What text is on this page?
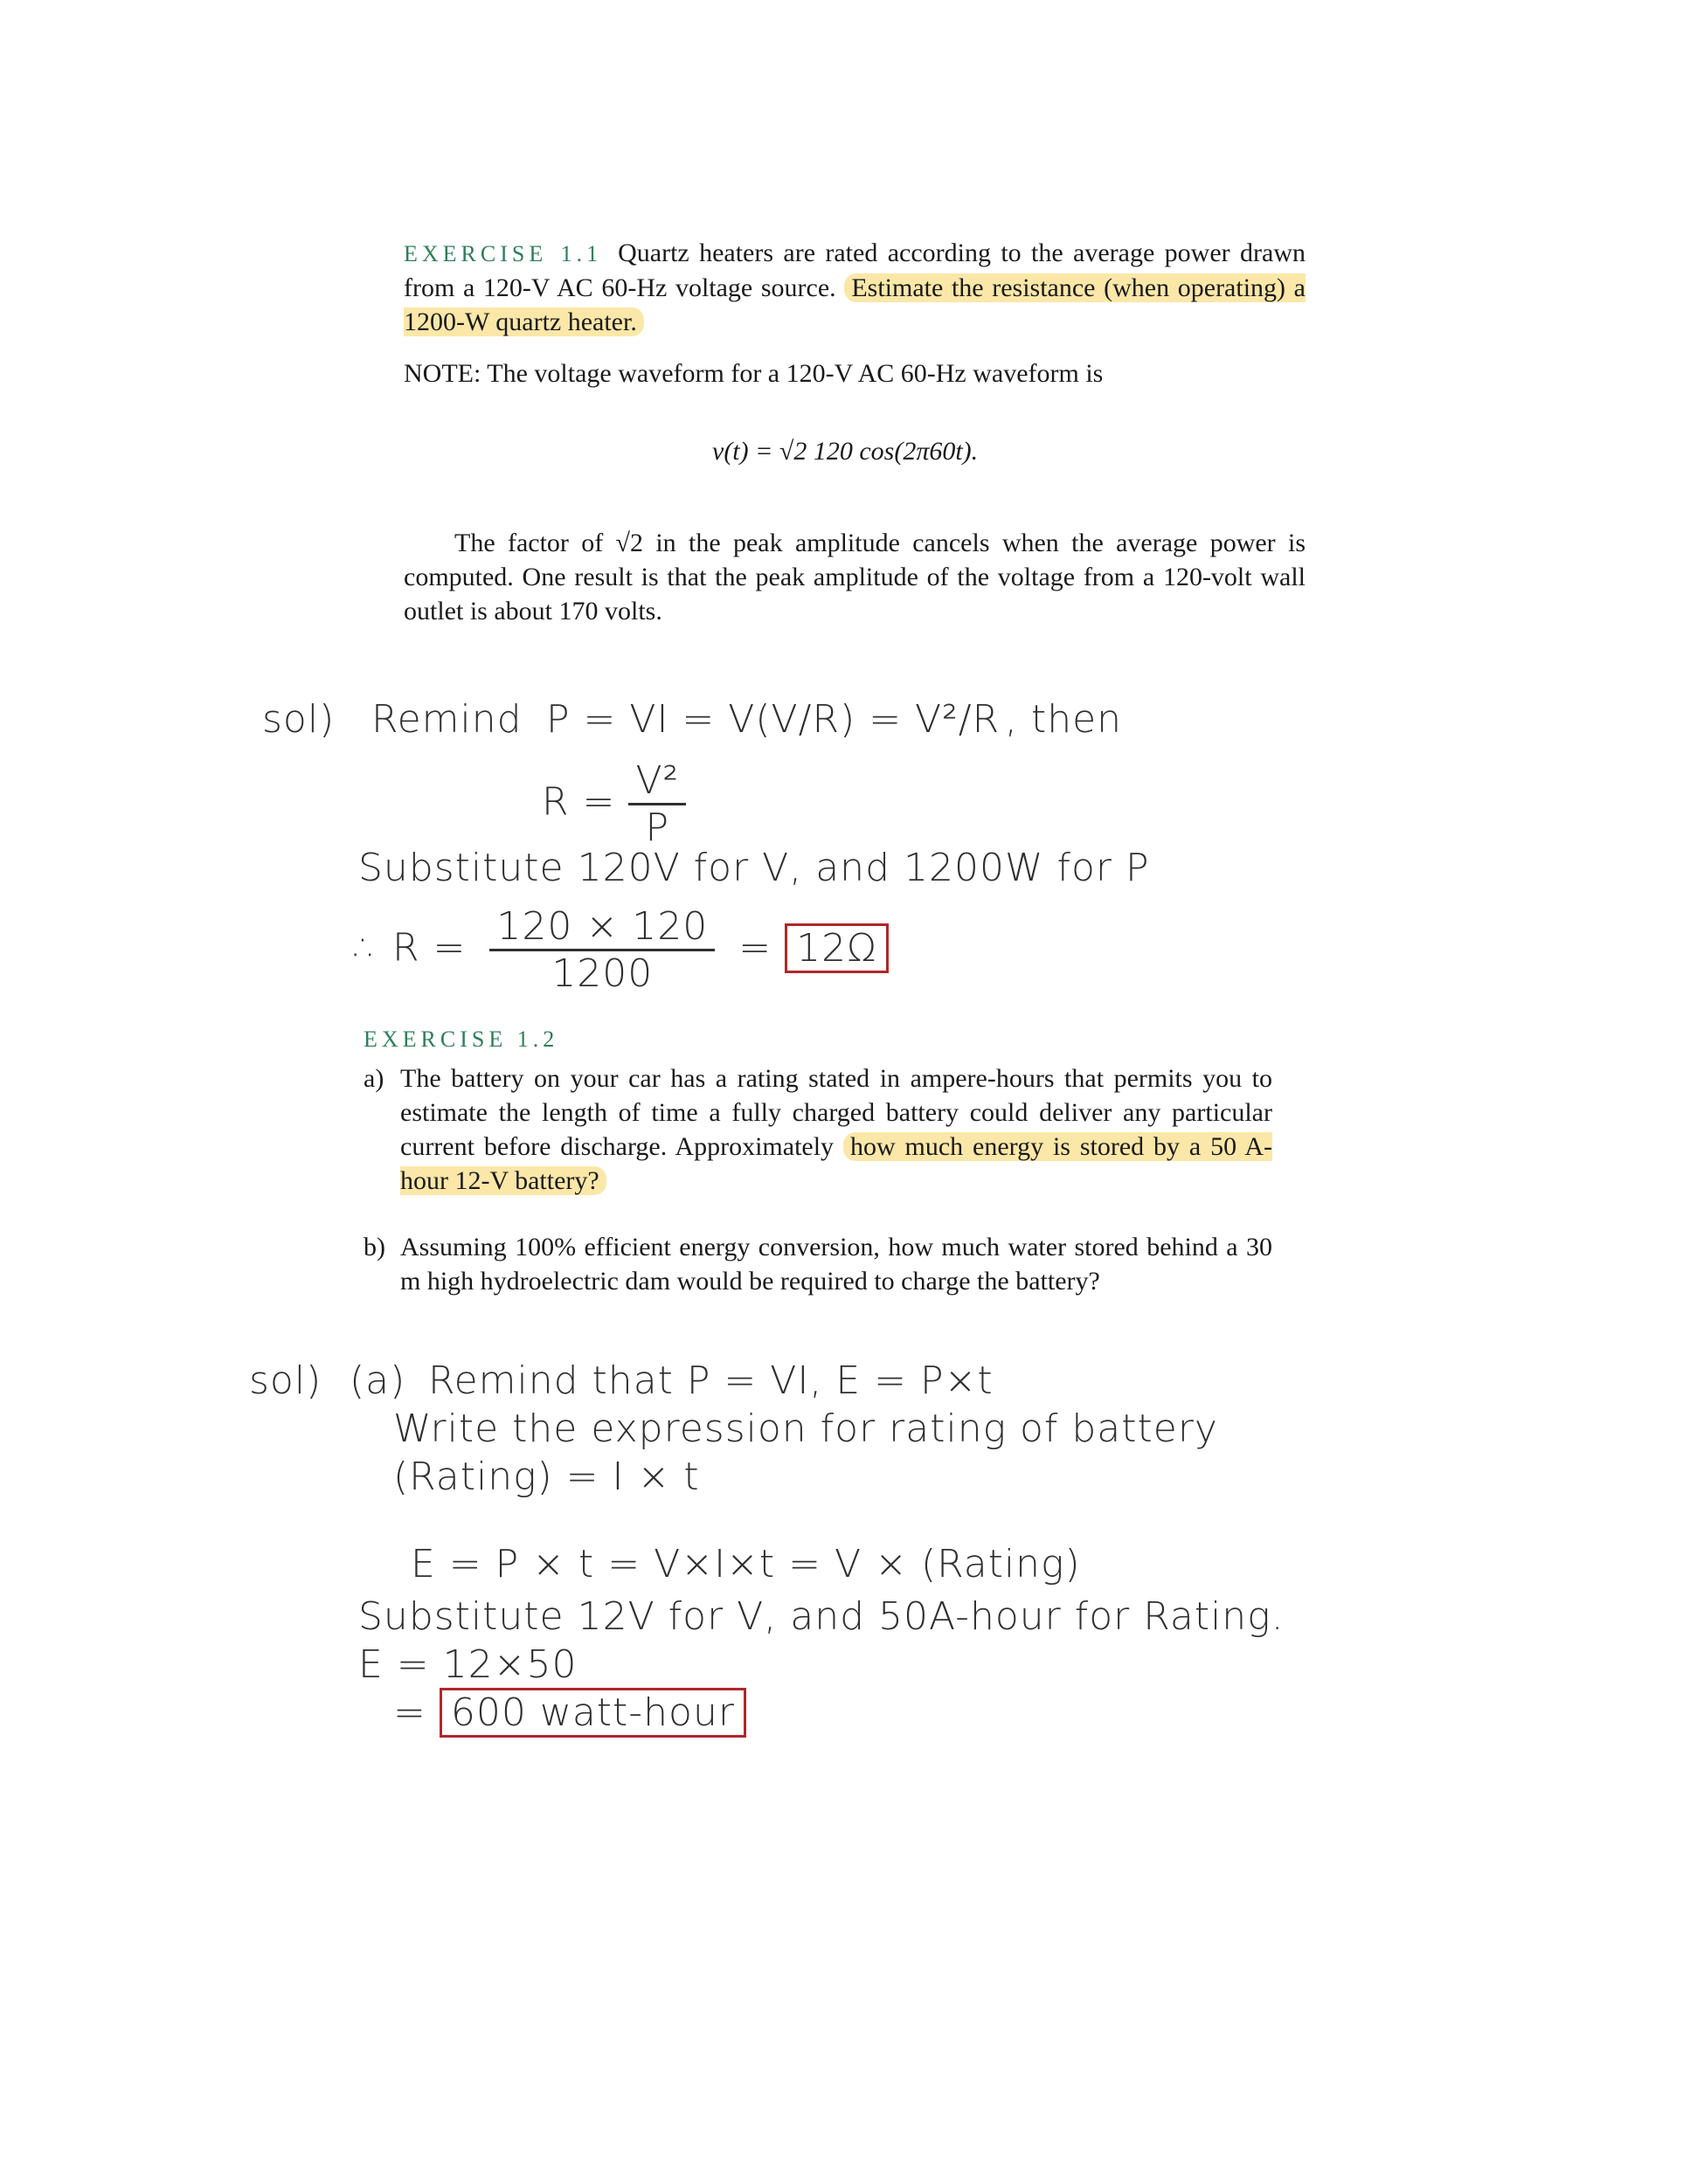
EXERCISE 1.1 Quartz heaters are rated according to the average power drawn from a 120-V AC 60-Hz voltage source. Estimate the resistance (when operating) a 1200-W quartz heater.
NOTE: The voltage waveform for a 120-V AC 60-Hz waveform is
v(t) = √2 120 cos(2π60t).
The factor of √2 in the peak amplitude cancels when the average power is computed. One result is that the peak amplitude of the voltage from a 120-volt wall outlet is about 170 volts.
sol) Remind P = VI = V(V/R) = V²/R , then
$R = \frac{\text{V²}}{P}$
Substitute 120V for V, and 1200W for P
∴ $R = \frac{120 \times 120}{1200} = 12\Omega$
EXERCISE 1.2
a) The battery on your car has a rating stated in ampere-hours that permits you to estimate the length of time a fully charged battery could deliver any particular current before discharge. Approximately how much energy is stored by a 50 A-hour 12-V battery?
b) Assuming 100% efficient energy conversion, how much water stored behind a 30 m high hydroelectric dam would be required to charge the battery?
sol) (a) Remind that P = VI, E = P×t
Write the expression for rating of battery
(Rating) = I × t
E = P × t = V×I×t = V × (Rating)
Substitute 12V for V, and 50A-hour for Rating.
E = 12×50
= 600 watt-hour
